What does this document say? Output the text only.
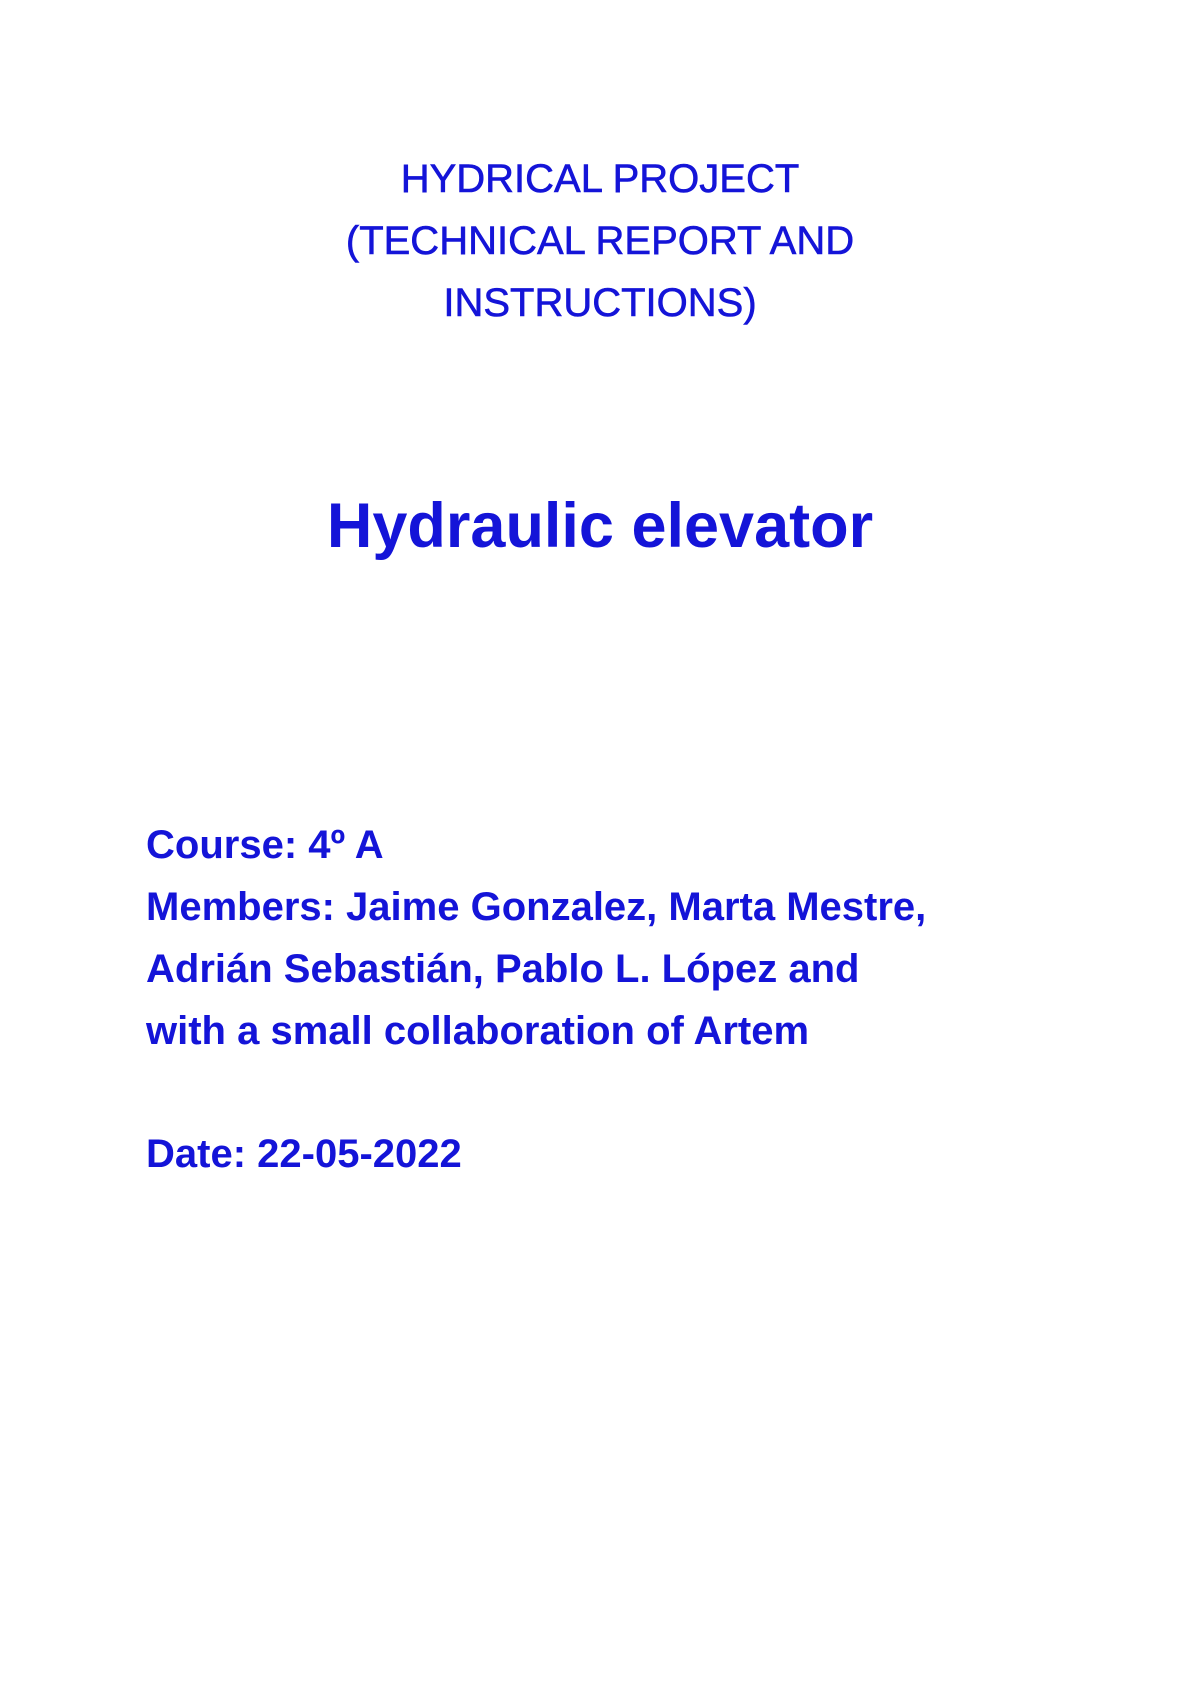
HYDRICAL PROJECT
(TECHNICAL REPORT AND
INSTRUCTIONS)
Hydraulic elevator
Course: 4º A
Members: Jaime Gonzalez, Marta Mestre,
Adrián Sebastián, Pablo L. López and
with a small collaboration of Artem
Date: 22-05-2022
